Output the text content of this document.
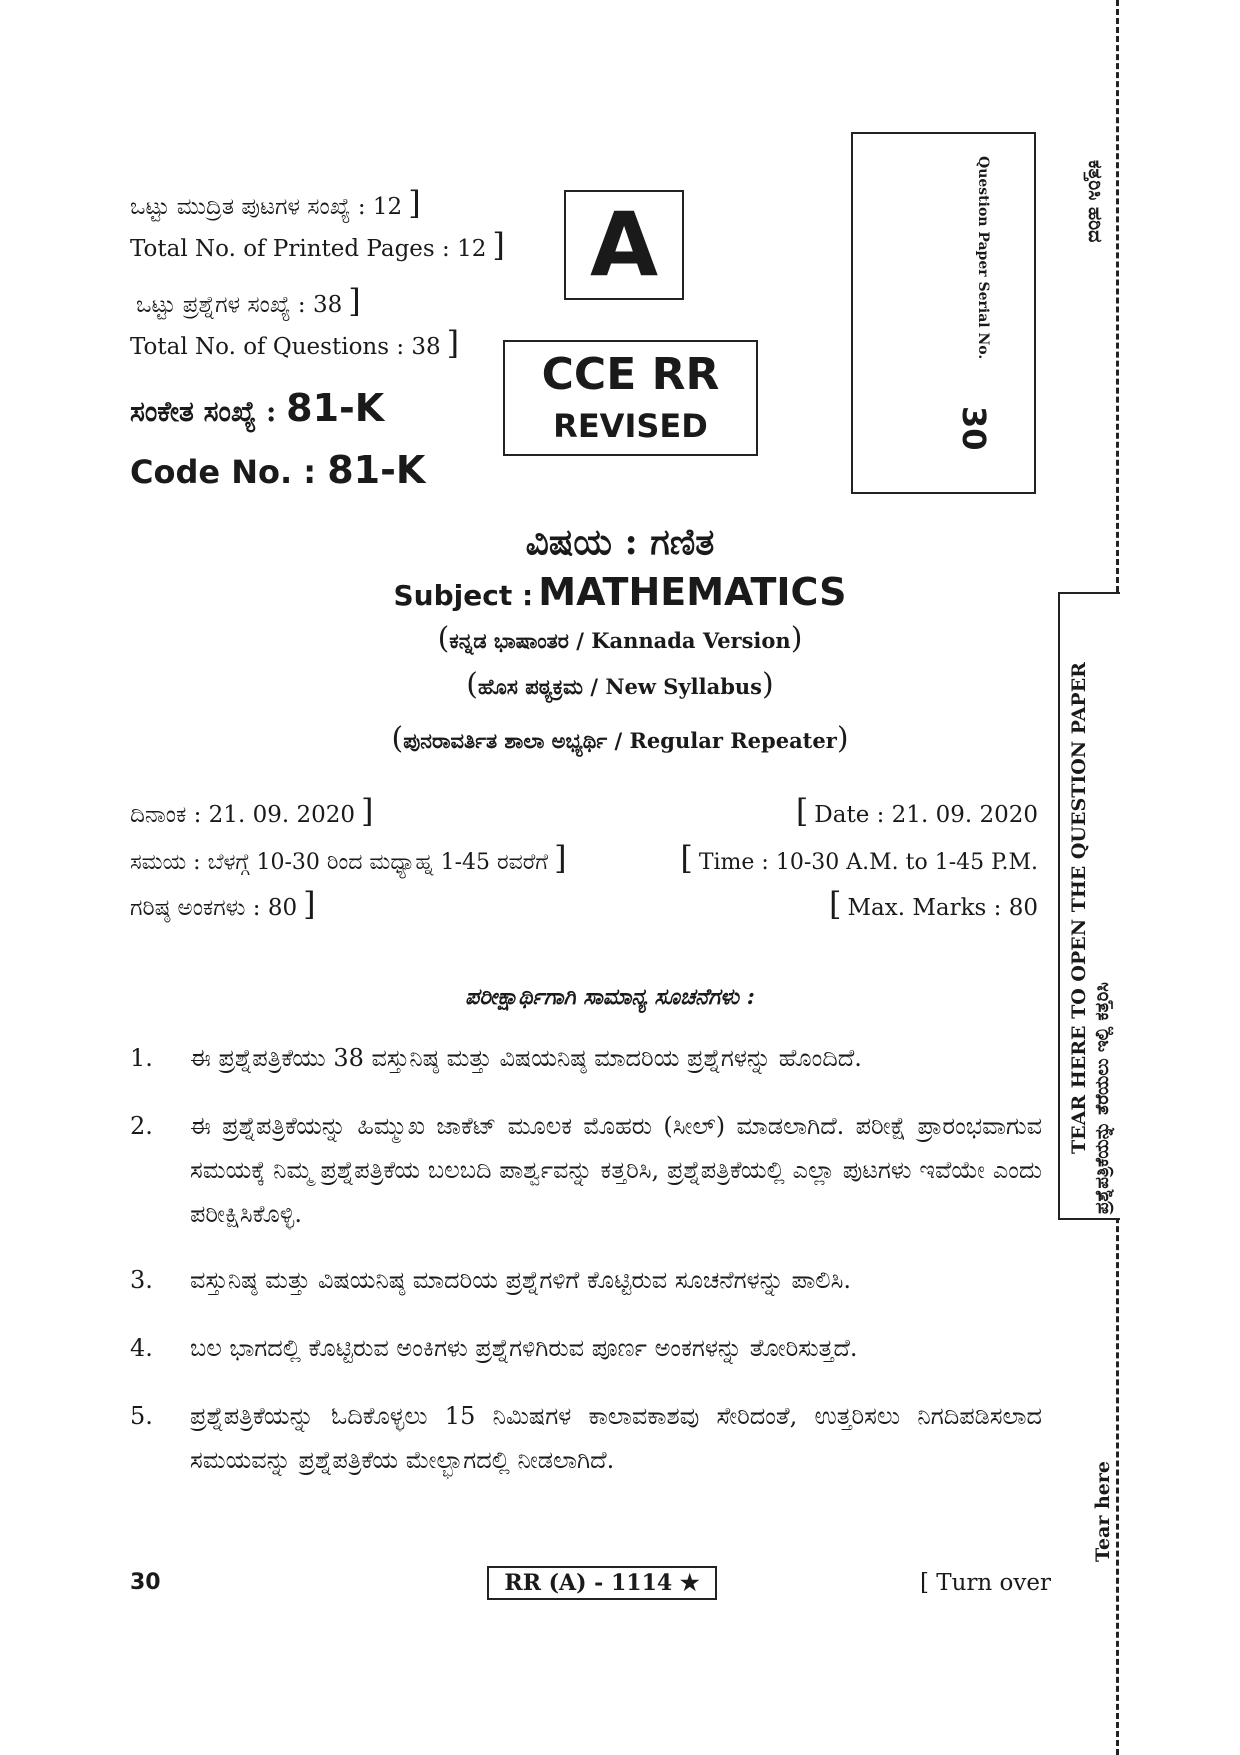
ಒಟ್ಟು ಮುದ್ರಿತ ಪುಟಗಳ ಸಂಖ್ಯೆ : 12 ]
Total No. of Printed Pages : 12 ]
ಒಟ್ಟು ಪ್ರಶ್ನೆಗಳ ಸಂಖ್ಯೆ : 38 ]
Total No. of Questions : 38 ]
ಸಂಕೇತ ಸಂಖ್ಯೆ : 81-K
Code No. : 81-K
A
CCE RR
REVISED
Question Paper Serial No.
30
ಕತ್ತರಿಸಿ ಹರಿದ
TEAR HERE TO OPEN THE QUESTION PAPER ಪ್ರಶ್ನೆಪತ್ರಿಕೆಯನ್ನು ತೆರೆಯಲು ಇಲ್ಲಿ ಕತ್ತರಿಸಿ
Tear here
ವಿಷಯ : ಗಣಿತ
Subject : MATHEMATICS
(ಕನ್ನಡ ಭಾಷಾಂತರ / Kannada Version)
(ಹೊಸ ಪಠ್ಯಕ್ರಮ / New Syllabus)
(ಪುನರಾವರ್ತಿತ ಶಾಲಾ ಅಭ್ಯರ್ಥಿ / Regular Repeater)
ದಿನಾಂಕ : 21. 09. 2020 ]	[ Date : 21. 09. 2020
ಸಮಯ : ಬೆಳಗ್ಗೆ 10-30 ರಿಂದ ಮಧ್ಯಾಹ್ನ 1-45 ರವರೆಗೆ ]	[ Time : 10-30 A.M. to 1-45 P.M.
ಗರಿಷ್ಠ ಅಂಕಗಳು : 80 ]	[ Max. Marks : 80
ಪರೀಕ್ಷಾರ್ಥಿಗಾಗಿ ಸಾಮಾನ್ಯ ಸೂಚನೆಗಳು :
1. ಈ ಪ್ರಶ್ನೆಪತ್ರಿಕೆಯು 38 ವಸ್ತುನಿಷ್ಠ ಮತ್ತು ವಿಷಯನಿಷ್ಠ ಮಾದರಿಯ ಪ್ರಶ್ನೆಗಳನ್ನು ಹೊಂದಿದೆ.
2. ಈ ಪ್ರಶ್ನೆಪತ್ರಿಕೆಯನ್ನು ಹಿಮ್ಮುಖ ಜಾಕೆಟ್ ಮೂಲಕ ಮೊಹರು (ಸೀಲ್) ಮಾಡಲಾಗಿದೆ. ಪರೀಕ್ಷೆ ಪ್ರಾರಂಭವಾಗುವ ಸಮಯಕ್ಕೆ ನಿಮ್ಮ ಪ್ರಶ್ನೆಪತ್ರಿಕೆಯ ಬಲಬದಿ ಪಾರ್ಶ್ವವನ್ನು ಕತ್ತರಿಸಿ, ಪ್ರಶ್ನೆಪತ್ರಿಕೆಯಲ್ಲಿ ಎಲ್ಲಾ ಪುಟಗಳು ಇವೆಯೇ ಎಂದು ಪರೀಕ್ಷಿಸಿಕೊಳ್ಳಿ.
3. ವಸ್ತುನಿಷ್ಠ ಮತ್ತು ವಿಷಯನಿಷ್ಠ ಮಾದರಿಯ ಪ್ರಶ್ನೆಗಳಿಗೆ ಕೊಟ್ಟಿರುವ ಸೂಚನೆಗಳನ್ನು ಪಾಲಿಸಿ.
4. ಬಲ ಭಾಗದಲ್ಲಿ ಕೊಟ್ಟಿರುವ ಅಂಕಿಗಳು ಪ್ರಶ್ನೆಗಳಿಗಿರುವ ಪೂರ್ಣ ಅಂಕಗಳನ್ನು ತೋರಿಸುತ್ತದೆ.
5. ಪ್ರಶ್ನೆಪತ್ರಿಕೆಯನ್ನು ಓದಿಕೊಳ್ಳಲು 15 ನಿಮಿಷಗಳ ಕಾಲಾವಕಾಶವು ಸೇರಿದಂತೆ, ಉತ್ತರಿಸಲು ನಿಗದಿಪಡಿಸಲಾದ ಸಮಯವನ್ನು ಪ್ರಶ್ನೆಪತ್ರಿಕೆಯ ಮೇಲ್ಭಾಗದಲ್ಲಿ ನೀಡಲಾಗಿದೆ.
30	RR (A) - 1114 ★	[ Turn over
